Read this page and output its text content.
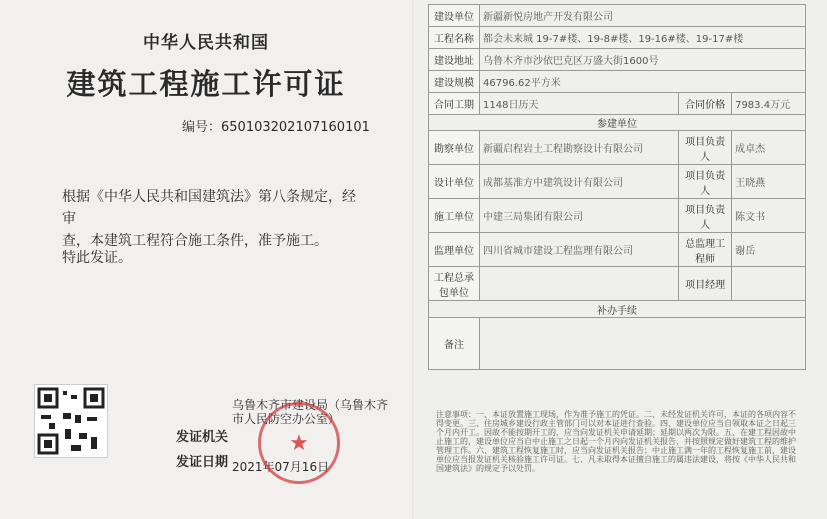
中华人民共和国
建筑工程施工许可证
编号：650103202107160101

根据《中华人民共和国建筑法》第八条规定，经审

查，本建筑工程符合施工条件，准予施工。

特此发证。
乌鲁木齐市建设局（乌鲁木齐市人民防空办公室）
发证机关
发证日期 2021年07月16日
★
建设单位	新疆新悦房地产开发有限公司		
工程名称	都会未来城 19-7#楼、19-8#楼、19-16#楼、19-17#楼		
建设地址	乌鲁木齐市沙依巴克区万盛大街1600号		
建设规模	46796.62平方米		
合同工期	1148日历天	合同价格	7983.4万元
参建单位			
勘察单位	新疆启程岩土工程勘察设计有限公司	项目负责人	成卓杰
设计单位	成都基准方中建筑设计有限公司	项目负责人	王晓燕
施工单位	中建三局集团有限公司	项目负责人	陈文书
监理单位	四川省城市建设工程监理有限公司	总监理工程师	谢岳
工程总承包单位		项目经理	
补办手续			
备注			
注意事项：一、本证放置施工现场，作为准予施工的凭证。二、未经发证机关许可，本证的各项内容不得变更。三、住房城乡建设行政主管部门可以对本证进行查验。四、建设单位应当自领取本证之日起三个月内开工。因故不能按期开工的，应当向发证机关申请延期；延期以两次为限。五、在建工程因故中止施工的，建设单位应当自中止施工之日起一个月内向发证机关报告，并按照规定做好建筑工程的维护管理工作。六、建筑工程恢复施工时，应当向发证机关报告；中止施工满一年的工程恢复施工前，建设单位应当报发证机关核验施工许可证。七、凡未取得本证擅自施工的属违法建设，将按《中华人民共和国建筑法》的规定予以处罚。
